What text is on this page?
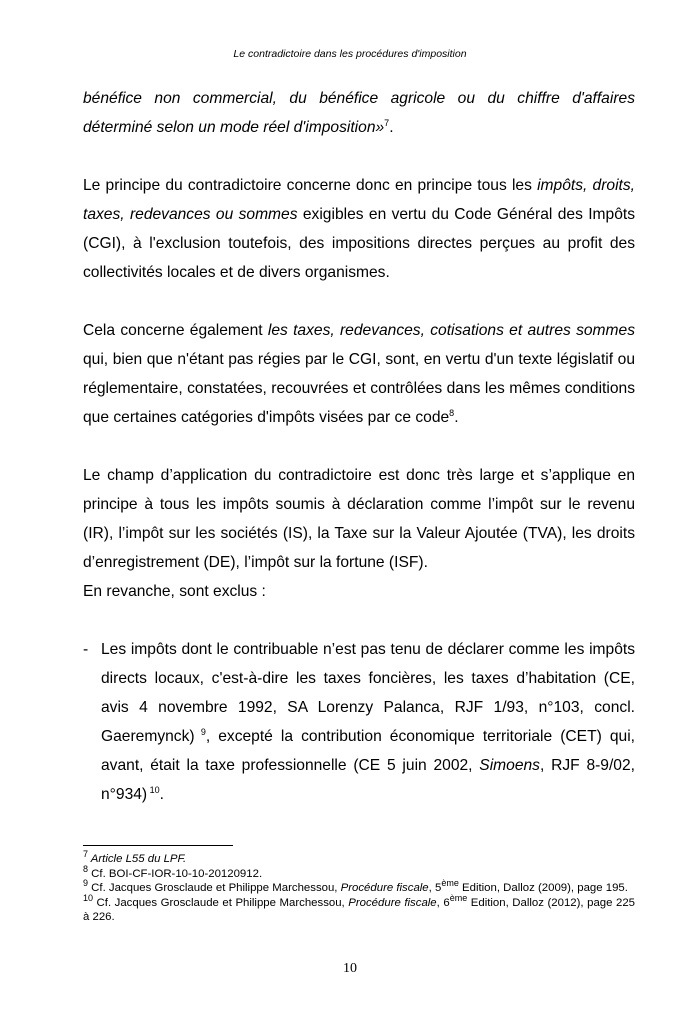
Le contradictoire dans les procédures d'imposition

bénéfice non commercial, du bénéfice agricole ou du chiffre d'affaires déterminé selon un mode réel d'imposition»$^7$.

Le principe du contradictoire concerne donc en principe tous les impôts, droits, taxes, redevances ou sommes exigibles en vertu du Code Général des Impôts (CGI), à l'exclusion toutefois, des impositions directes perçues au profit des collectivités locales et de divers organismes.

Cela concerne également les taxes, redevances, cotisations et autres sommes qui, bien que n'étant pas régies par le CGI, sont, en vertu d'un texte législatif ou réglementaire, constatées, recouvrées et contrôlées dans les mêmes conditions que certaines catégories d'impôts visées par ce code$^8$.

Le champ d’application du contradictoire est donc très large et s’applique en principe à tous les impôts soumis à déclaration comme l’impôt sur le revenu (IR), l’impôt sur les sociétés (IS), la Taxe sur la Valeur Ajoutée (TVA), les droits d’enregistrement (DE), l’impôt sur la fortune (ISF).

En revanche, sont exclus :

- Les impôts dont le contribuable n’est pas tenu de déclarer comme les impôts directs locaux, c'est-à-dire les taxes foncières, les taxes d’habitation (CE, avis 4 novembre 1992, SA Lorenzy Palanca, RJF 1/93, n°103, concl. Gaeremynck) $^9$, excepté la contribution économique territoriale (CET) qui, avant, était la taxe professionnelle (CE 5 juin 2002, Simoens, RJF 8-9/02, n°934) $^{10}$.

$^7$ Article L55 du LPF.

$^8$ Cf. BOI-CF-IOR-10-10-20120912.

$^9$ Cf. Jacques Grosclaude et Philippe Marchessou, Procédure fiscale, 5ème Edition, Dalloz (2009), page 195.

$^{10}$ Cf. Jacques Grosclaude et Philippe Marchessou, Procédure fiscale, 6ème Edition, Dalloz (2012), page 225 à 226.

10
